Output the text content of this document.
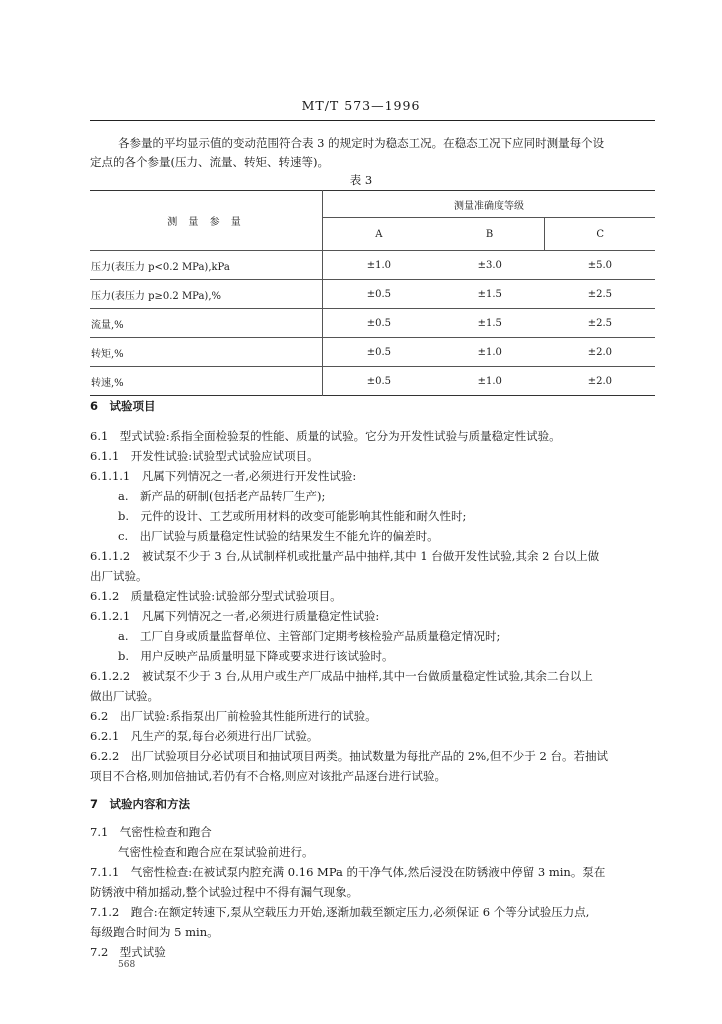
MT/T 573—1996
各参量的平均显示值的变动范围符合表 3 的规定时为稳态工况。在稳态工况下应同时测量每个设
定点的各个参量(压力、流量、转矩、转速等)。
表 3
测 量 参 量	测量准确度等级		
	A	B	C
压力(表压力 p<0.2 MPa),kPa	±1.0	±3.0	±5.0
压力(表压力 p≥0.2 MPa),%	±0.5	±1.5	±2.5
流量,%	±0.5	±1.5	±2.5
转矩,%	±0.5	±1.0	±2.0
转速,%	±0.5	±1.0	±2.0
6　试验项目
6.1　型式试验:系指全面检验泵的性能、质量的试验。它分为开发性试验与质量稳定性试验。
6.1.1　开发性试验:试验型式试验应试项目。
6.1.1.1　凡属下列情况之一者,必须进行开发性试验:
a.　新产品的研制(包括老产品转厂生产);
b.　元件的设计、工艺或所用材料的改变可能影响其性能和耐久性时;
c.　出厂试验与质量稳定性试验的结果发生不能允许的偏差时。
6.1.1.2　被试泵不少于 3 台,从试制样机或批量产品中抽样,其中 1 台做开发性试验,其余 2 台以上做
出厂试验。
6.1.2　质量稳定性试验:试验部分型式试验项目。
6.1.2.1　凡属下列情况之一者,必须进行质量稳定性试验:
a.　工厂自身或质量监督单位、主管部门定期考核检验产品质量稳定情况时;
b.　用户反映产品质量明显下降或要求进行该试验时。
6.1.2.2　被试泵不少于 3 台,从用户或生产厂成品中抽样,其中一台做质量稳定性试验,其余二台以上
做出厂试验。
6.2　出厂试验:系指泵出厂前检验其性能所进行的试验。
6.2.1　凡生产的泵,每台必须进行出厂试验。
6.2.2　出厂试验项目分必试项目和抽试项目两类。抽试数量为每批产品的 2%,但不少于 2 台。若抽试
项目不合格,则加倍抽试,若仍有不合格,则应对该批产品逐台进行试验。
7　试验内容和方法
7.1　气密性检查和跑合
气密性检查和跑合应在泵试验前进行。
7.1.1　气密性检查:在被试泵内腔充满 0.16 MPa 的干净气体,然后浸没在防锈液中停留 3 min。泵在
防锈液中稍加摇动,整个试验过程中不得有漏气现象。
7.1.2　跑合:在额定转速下,泵从空载压力开始,逐渐加载至额定压力,必须保证 6 个等分试验压力点,
每级跑合时间为 5 min。
7.2　型式试验
568
